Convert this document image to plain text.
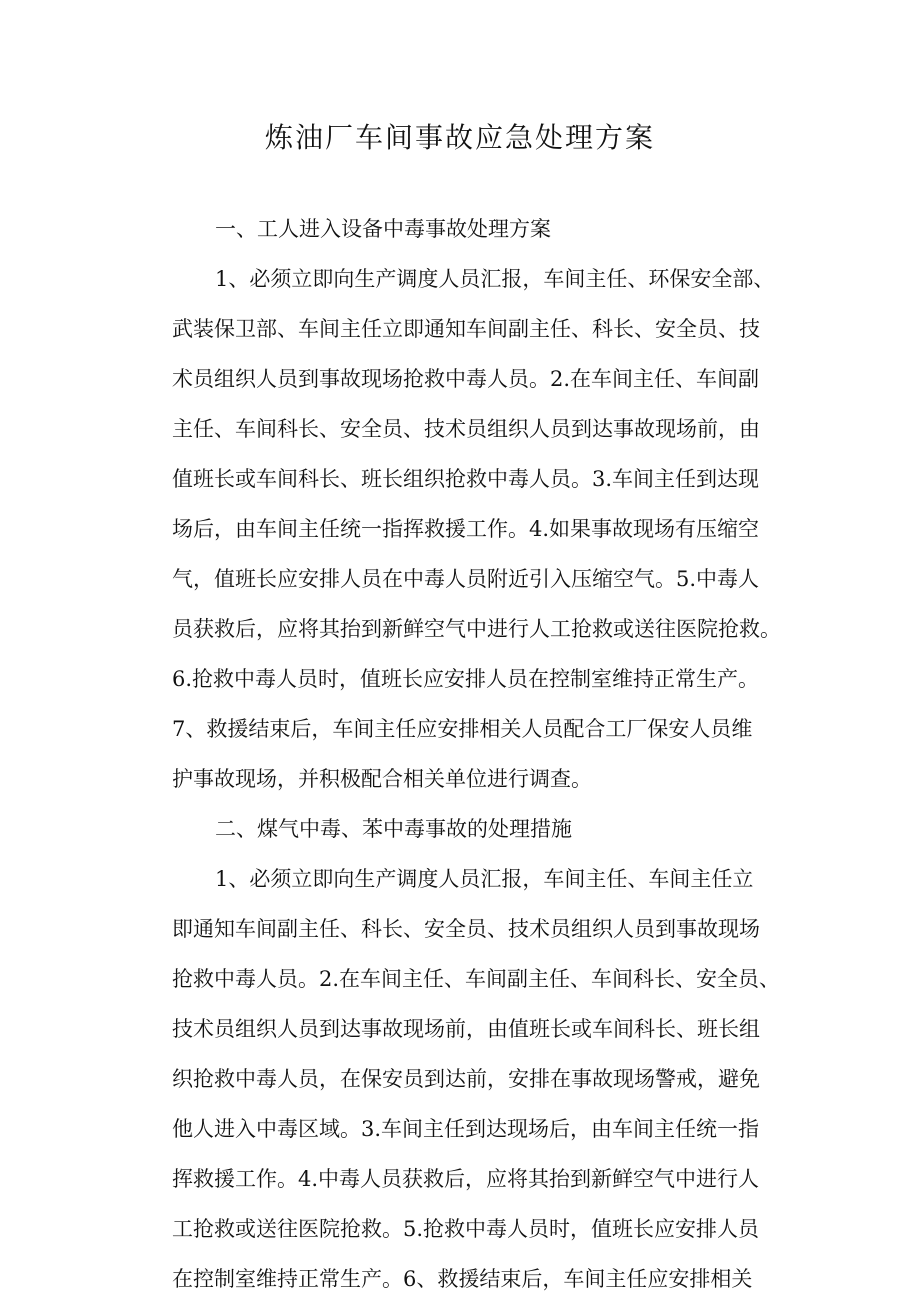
炼油厂车间事故应急处理方案
一、工人进入设备中毒事故处理方案
1、必须立即向生产调度人员汇报，车间主任、环保安全部、
武装保卫部、车间主任立即通知车间副主任、科长、安全员、技
术员组织人员到事故现场抢救中毒人员。2.在车间主任、车间副
主任、车间科长、安全员、技术员组织人员到达事故现场前，由
值班长或车间科长、班长组织抢救中毒人员。3.车间主任到达现
场后，由车间主任统一指挥救援工作。4.如果事故现场有压缩空
气，值班长应安排人员在中毒人员附近引入压缩空气。5.中毒人
员获救后，应将其抬到新鲜空气中进行人工抢救或送往医院抢救。
6.抢救中毒人员时，值班长应安排人员在控制室维持正常生产。
7、救援结束后，车间主任应安排相关人员配合工厂保安人员维
护事故现场，并积极配合相关单位进行调查。
二、煤气中毒、苯中毒事故的处理措施
1、必须立即向生产调度人员汇报，车间主任、车间主任立
即通知车间副主任、科长、安全员、技术员组织人员到事故现场
抢救中毒人员。2.在车间主任、车间副主任、车间科长、安全员、
技术员组织人员到达事故现场前，由值班长或车间科长、班长组
织抢救中毒人员，在保安员到达前，安排在事故现场警戒，避免
他人进入中毒区域。3.车间主任到达现场后，由车间主任统一指
挥救援工作。4.中毒人员获救后，应将其抬到新鲜空气中进行人
工抢救或送往医院抢救。5.抢救中毒人员时，值班长应安排人员
在控制室维持正常生产。6、救援结束后，车间主任应安排相关
